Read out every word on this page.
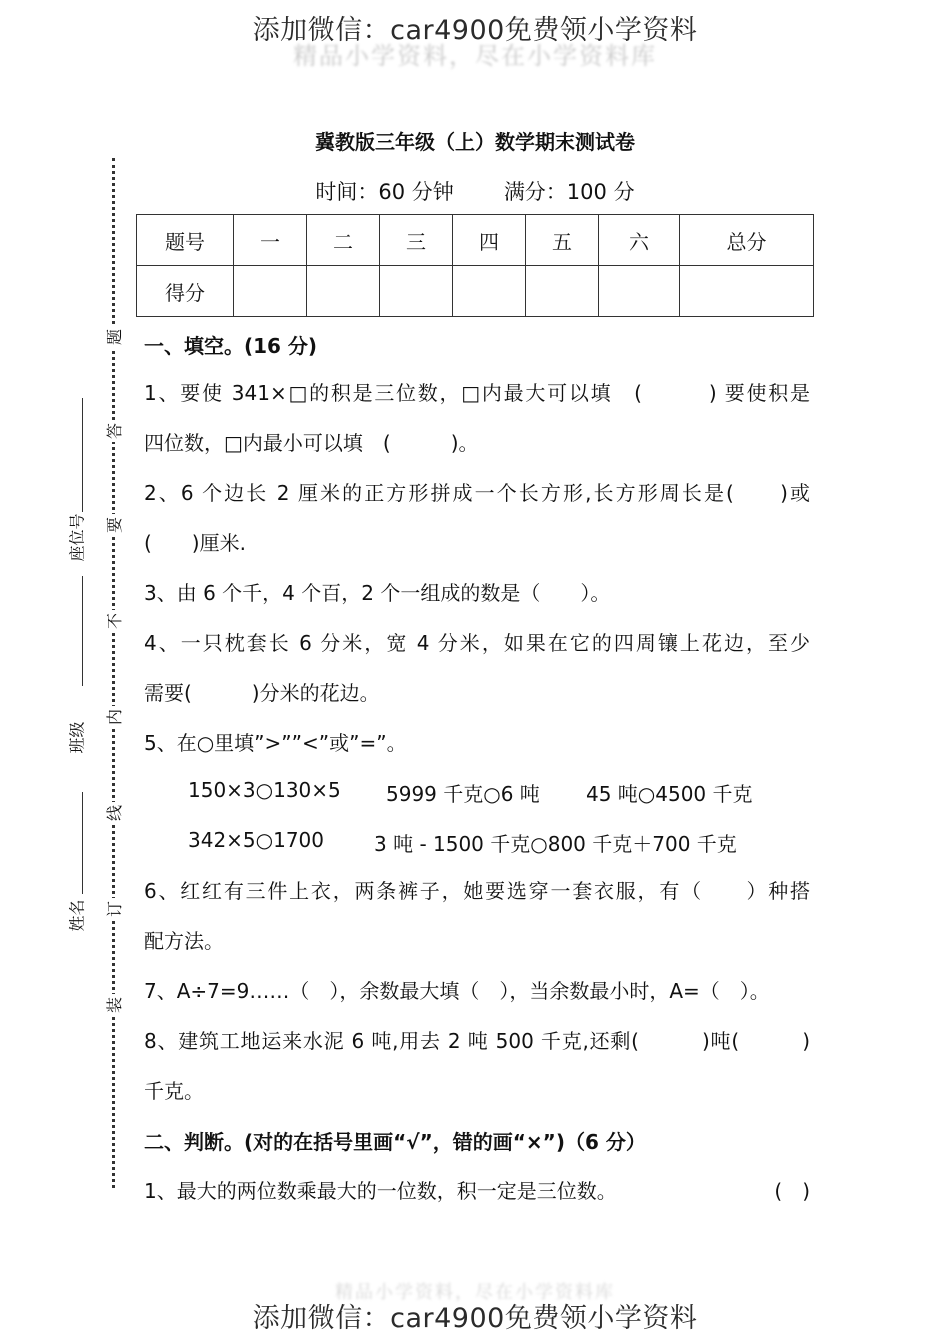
添加微信：car4900免费领小学资料
精品小学资料，尽在小学资料库
冀教版三年级（上）数学期末测试卷
时间：60 分钟 满分：100 分
题号	一	二	三	四	五	六	总分
得分							
题
答
要
不
内
线
订
装
座位号
班级
姓名
一、填空。(16 分)
1、要使 341×□的积是三位数，□内最大可以填　(　　　) 要使积是
四位数，□内最小可以填　(　　　)。
2、6 个边长 2 厘米的正方形拼成一个长方形,长方形周长是(　　)或
(　　)厘米.
3、由 6 个千，4 个百，2 个一组成的数是（　　）。
4、一只枕套长 6 分米，宽 4 分米，如果在它的四周镶上花边，至少
需要(　　　)分米的花边。
5、在○里填”>””<”或”=”。
150×3○130×5 5999 千克○6 吨 45 吨○4500 千克
342×5○1700 3 吨 - 1500 千克○800 千克＋700 千克
6、红红有三件上衣，两条裤子，她要选穿一套衣服，有（　　）种搭
配方法。
7、A÷7=9……（　），余数最大填（　），当余数最小时，A=（　）。
8、建筑工地运来水泥 6 吨,用去 2 吨 500 千克,还剩(　　　)吨(　　　)
千克。
二、判断。(对的在括号里画“√”，错的画“×”)（6 分）
1、最大的两位数乘最大的一位数，积一定是三位数。	(　)
精品小学资料，尽在小学资料库
添加微信：car4900免费领小学资料
